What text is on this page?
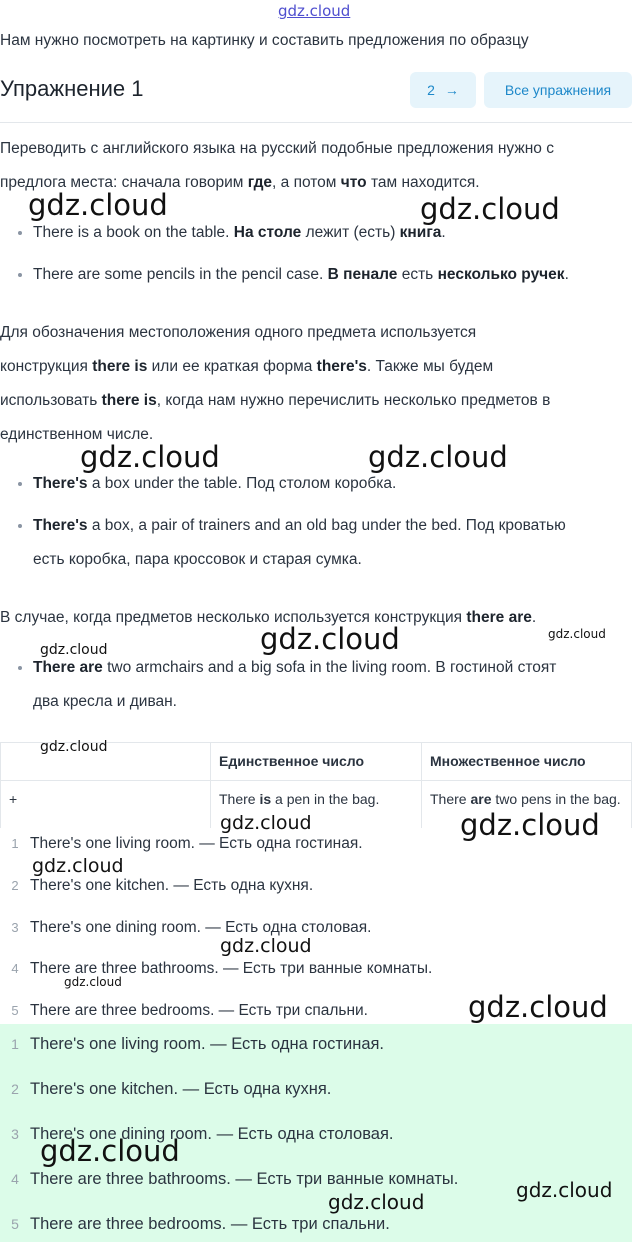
gdz.cloud
Нам нужно посмотреть на картинку и составить предложения по образцу
Упражнение 1	2 →	Все упражнения
Переводить с английского языка на русский подобные предложения нужно с
предлога места: сначала говорим где, а потом что там находится.
gdz.cloud	gdz.cloud
There is a book on the table. На столе лежит (есть) книга.
There are some pencils in the pencil case. В пенале есть несколько ручек.
Для обозначения местоположения одного предмета используется
конструкция there is или ее краткая форма there's. Также мы будем
использовать there is, когда нам нужно перечислить несколько предметов в
единственном числе.
gdz.cloud	gdz.cloud
There's a box under the table. Под столом коробка.
There's a box, a pair of trainers and an old bag under the bed. Под кроватью
есть коробка, пара кроссовок и старая сумка.
В случае, когда предметов несколько используется конструкция there are.
gdz.cloud	gdz.cloud	gdz.cloud
There are two armchairs and a big sofa in the living room. В гостиной стоят
два кресла и диван.
	Единственное число	Множественное число
+	There is a pen in the bag.	There are two pens in the bag.
gdz.cloud
1 There's one living room. — Есть одна гостиная.
2 There's one kitchen. — Есть одна кухня.
3 There's one dining room. — Есть одна столовая.
4 There are three bathrooms. — Есть три ванные комнаты.
5 There are three bedrooms. — Есть три спальни.
gdz.cloud	gdz.cloud
gdz.cloud
gdz.cloud
gdz.cloud
1 There's one living room. — Есть одна гостиная.
2 There's one kitchen. — Есть одна кухня.
3 There's one dining room. — Есть одна столовая.
4 There are three bathrooms. — Есть три ванные комнаты.
5 There are three bedrooms. — Есть три спальни.
gdz.cloud
gdz.cloud
gdz.cloud
gdz.cloud
